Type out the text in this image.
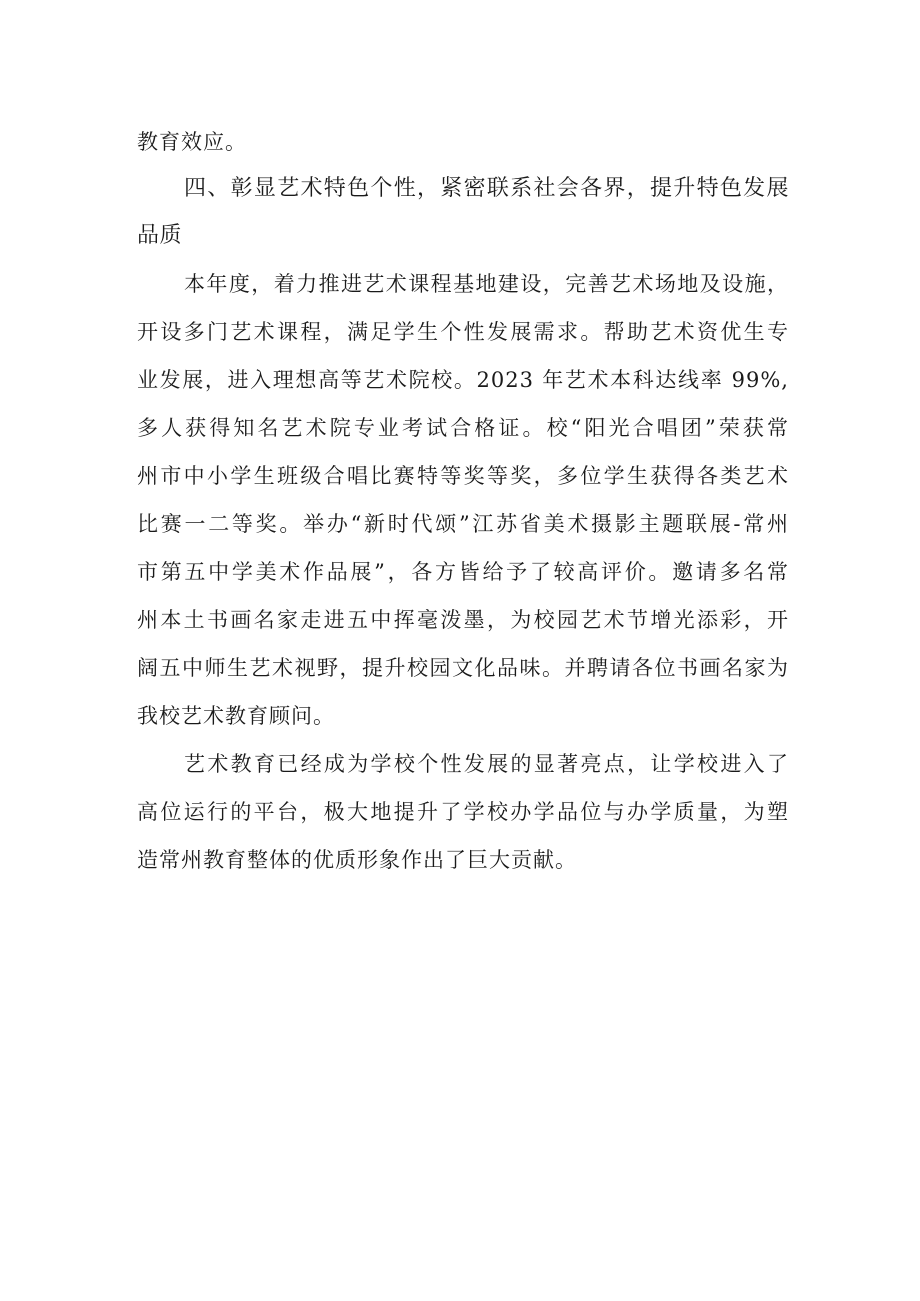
教育效应。
四、彰显艺术特色个性，紧密联系社会各界，提升特色发展
品质
本年度，着力推进艺术课程基地建设，完善艺术场地及设施，
开设多门艺术课程，满足学生个性发展需求。帮助艺术资优生专
业发展，进入理想高等艺术院校。2023 年艺术本科达线率 99%,
多人获得知名艺术院专业考试合格证。校“阳光合唱团”荣获常
州市中小学生班级合唱比赛特等奖等奖，多位学生获得各类艺术
比赛一二等奖。举办“新时代颂”江苏省美术摄影主题联展-常州
市第五中学美术作品展”，各方皆给予了较高评价。邀请多名常
州本土书画名家走进五中挥毫泼墨，为校园艺术节增光添彩，开
阔五中师生艺术视野，提升校园文化品味。并聘请各位书画名家为
我校艺术教育顾问。
艺术教育已经成为学校个性发展的显著亮点，让学校进入了
高位运行的平台，极大地提升了学校办学品位与办学质量，为塑
造常州教育整体的优质形象作出了巨大贡献。
